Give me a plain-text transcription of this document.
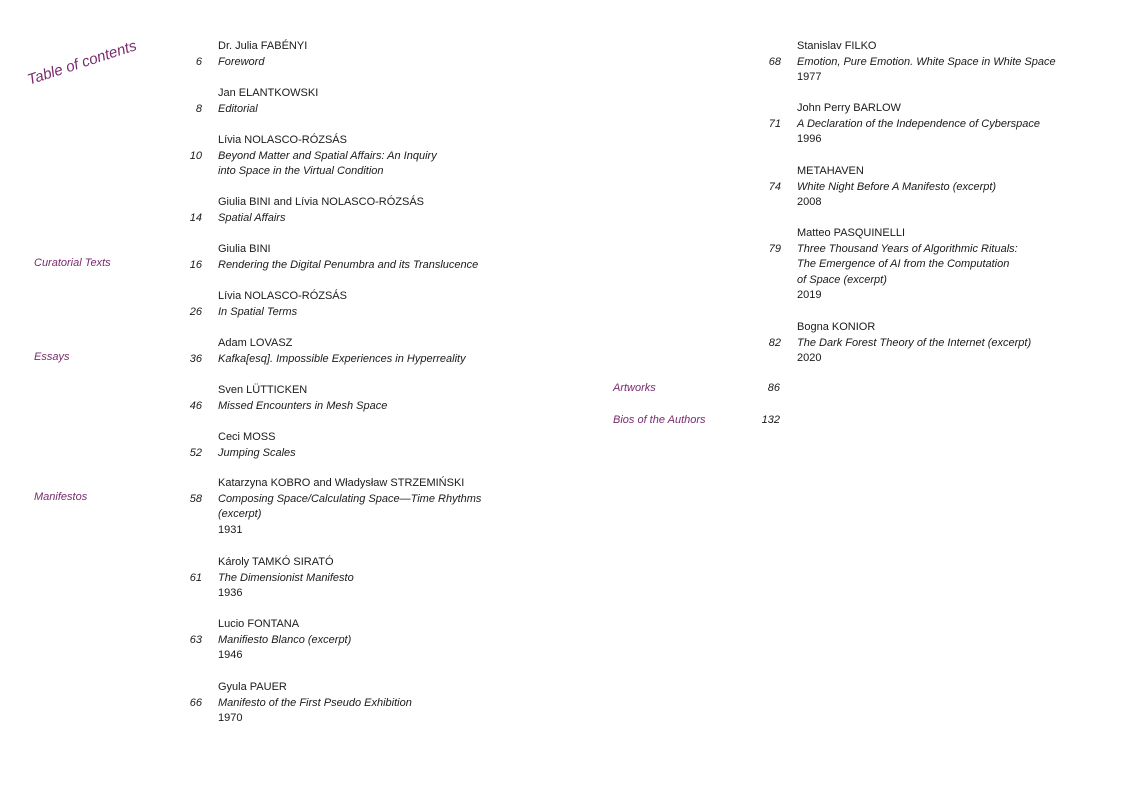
Table of contents
Curatorial Texts
Essays
Manifestos
6
Dr. Julia FABÉNYI
Foreword
8
Jan ELANTKOWSKI
Editorial
10
Lívia NOLASCO-RÓZSÁS
Beyond Matter and Spatial Affairs: An Inquiry
into Space in the Virtual Condition
14
Giulia BINI and Lívia NOLASCO-RÓZSÁS
Spatial Affairs
16
Giulia BINI
Rendering the Digital Penumbra and its Translucence
26
Lívia NOLASCO-RÓZSÁS
In Spatial Terms
36
Adam LOVASZ
Kafka[esq]. Impossible Experiences in Hyperreality
46
Sven LÜTTICKEN
Missed Encounters in Mesh Space
52
Ceci MOSS
Jumping Scales
58
Katarzyna KOBRO and Władysław STRZEMIŃSKI
Composing Space/Calculating Space—Time Rhythms
(excerpt)
1931
61
Károly TAMKÓ SIRATÓ
The Dimensionist Manifesto
1936
63
Lucio FONTANA
Manifiesto Blanco (excerpt)
1946
66
Gyula PAUER
Manifesto of the First Pseudo Exhibition
1970
68
Stanislav FILKO
Emotion, Pure Emotion. White Space in White Space
1977
71
John Perry BARLOW
A Declaration of the Independence of Cyberspace
1996
74
METAHAVEN
White Night Before A Manifesto (excerpt)
2008
79
Matteo PASQUINELLI
Three Thousand Years of Algorithmic Rituals:
The Emergence of AI from the Computation
of Space (excerpt)
2019
82
Bogna KONIOR
The Dark Forest Theory of the Internet (excerpt)
2020
Artworks	86
Bios of the Authors	132
